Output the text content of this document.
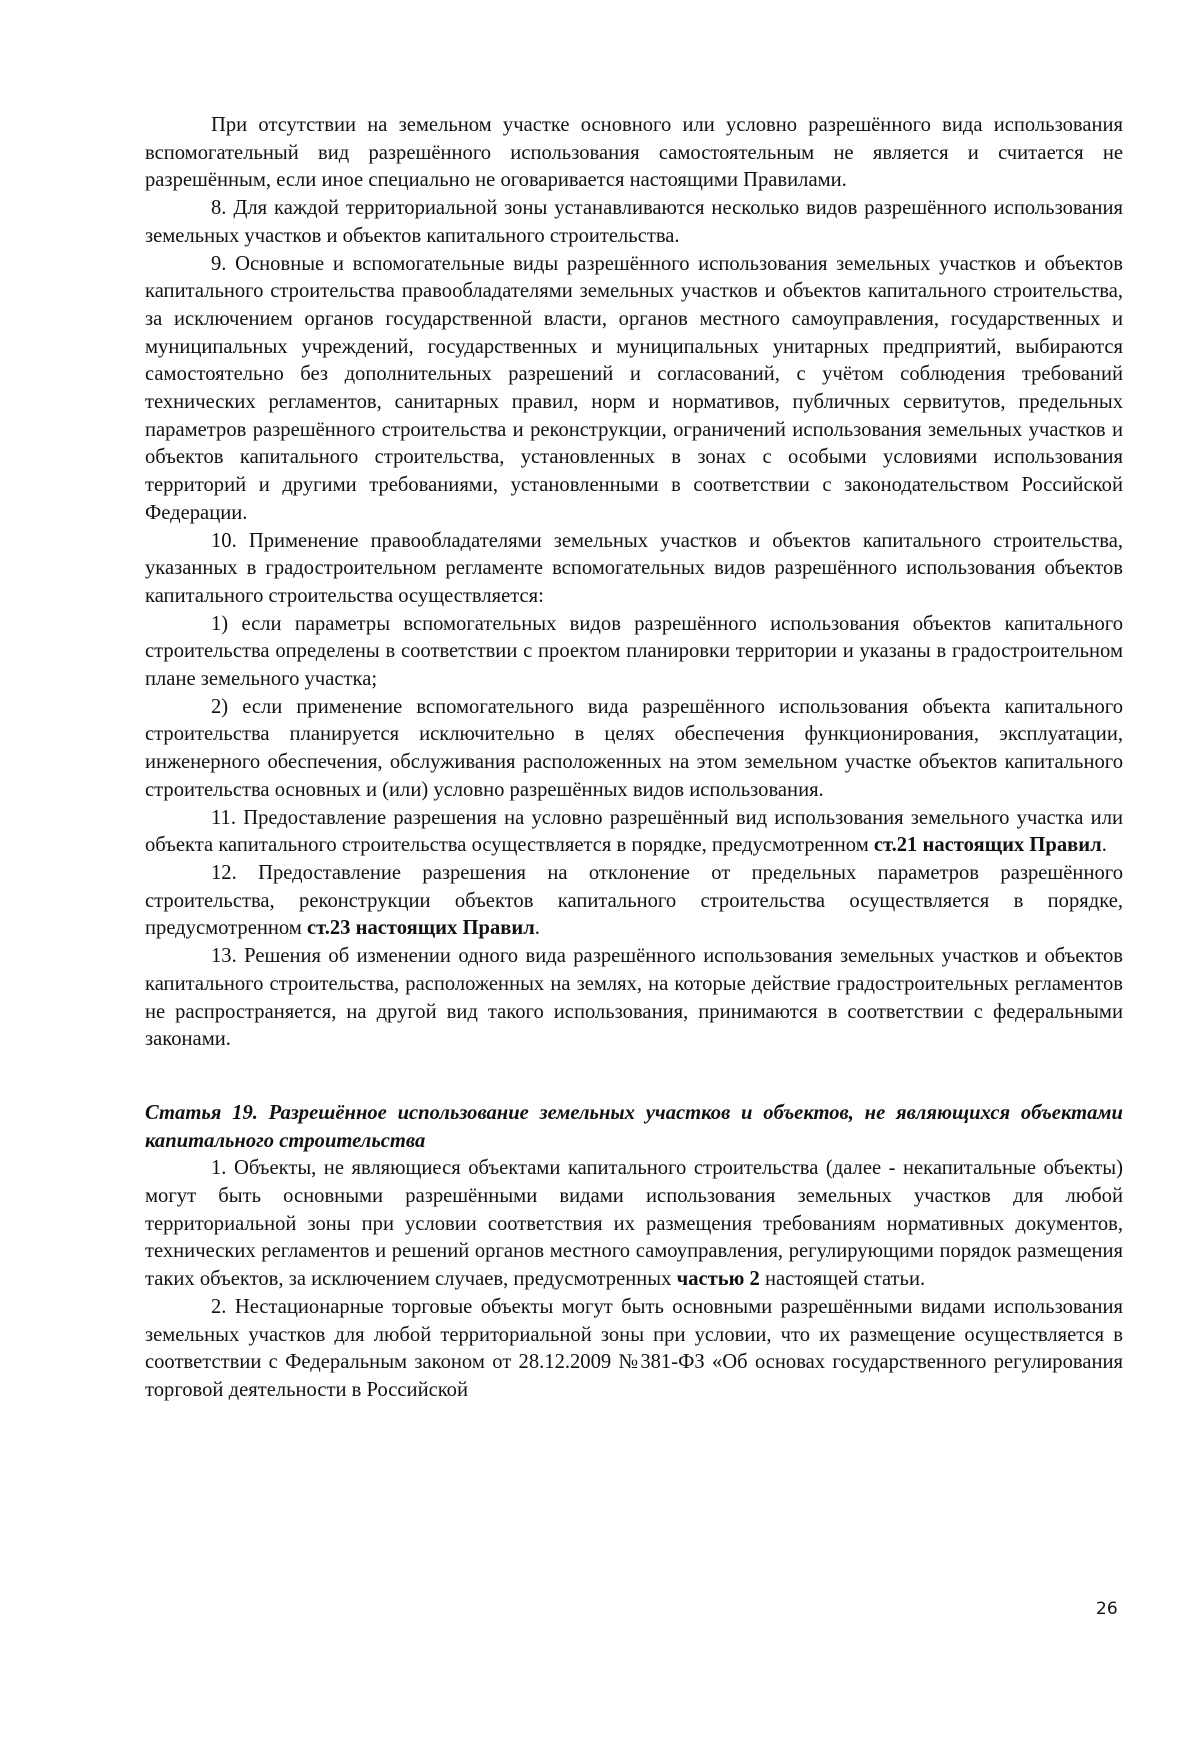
При отсутствии на земельном участке основного или условно разрешённого вида использования вспомогательный вид разрешённого использования самостоятельным не является и считается не разрешённым, если иное специально не оговаривается настоящими Правилами.

8. Для каждой территориальной зоны устанавливаются несколько видов разрешённого использования земельных участков и объектов капитального строительства.

9. Основные и вспомогательные виды разрешённого использования земельных участков и объектов капитального строительства правообладателями земельных участков и объектов капитального строительства, за исключением органов государственной власти, органов местного самоуправления, государственных и муниципальных учреждений, государственных и муниципальных унитарных предприятий, выбираются самостоятельно без дополнительных разрешений и согласований, с учётом соблюдения требований технических регламентов, санитарных правил, норм и нормативов, публичных сервитутов, предельных параметров разрешённого строительства и реконструкции, ограничений использования земельных участков и объектов капитального строительства, установленных в зонах с особыми условиями использования территорий и другими требованиями, установленными в соответствии с законодательством Российской Федерации.

10. Применение правообладателями земельных участков и объектов капитального строительства, указанных в градостроительном регламенте вспомогательных видов разрешённого использования объектов капитального строительства осуществляется:

1) если параметры вспомогательных видов разрешённого использования объектов капитального строительства определены в соответствии с проектом планировки территории и указаны в градостроительном плане земельного участка;

2) если применение вспомогательного вида разрешённого использования объекта капитального строительства планируется исключительно в целях обеспечения функционирования, эксплуатации, инженерного обеспечения, обслуживания расположенных на этом земельном участке объектов капитального строительства основных и (или) условно разрешённых видов использования.

11. Предоставление разрешения на условно разрешённый вид использования земельного участка или объекта капитального строительства осуществляется в порядке, предусмотренном ст.21 настоящих Правил.

12. Предоставление разрешения на отклонение от предельных параметров разрешённого строительства, реконструкции объектов капитального строительства осуществляется в порядке, предусмотренном ст.23 настоящих Правил.

13. Решения об изменении одного вида разрешённого использования земельных участков и объектов капитального строительства, расположенных на землях, на которые действие градостроительных регламентов не распространяется, на другой вид такого использования, принимаются в соответствии с федеральными законами.

Статья 19. Разрешённое использование земельных участков и объектов, не являющихся объектами капитального строительства

1. Объекты, не являющиеся объектами капитального строительства (далее - некапитальные объекты) могут быть основными разрешёнными видами использования земельных участков для любой территориальной зоны при условии соответствия их размещения требованиям нормативных документов, технических регламентов и решений органов местного самоуправления, регулирующими порядок размещения таких объектов, за исключением случаев, предусмотренных частью 2 настоящей статьи.

2. Нестационарные торговые объекты могут быть основными разрешёнными видами использования земельных участков для любой территориальной зоны при условии, что их размещение осуществляется в соответствии с Федеральным законом от 28.12.2009 №381-ФЗ «Об основах государственного регулирования торговой деятельности в Российской

26
